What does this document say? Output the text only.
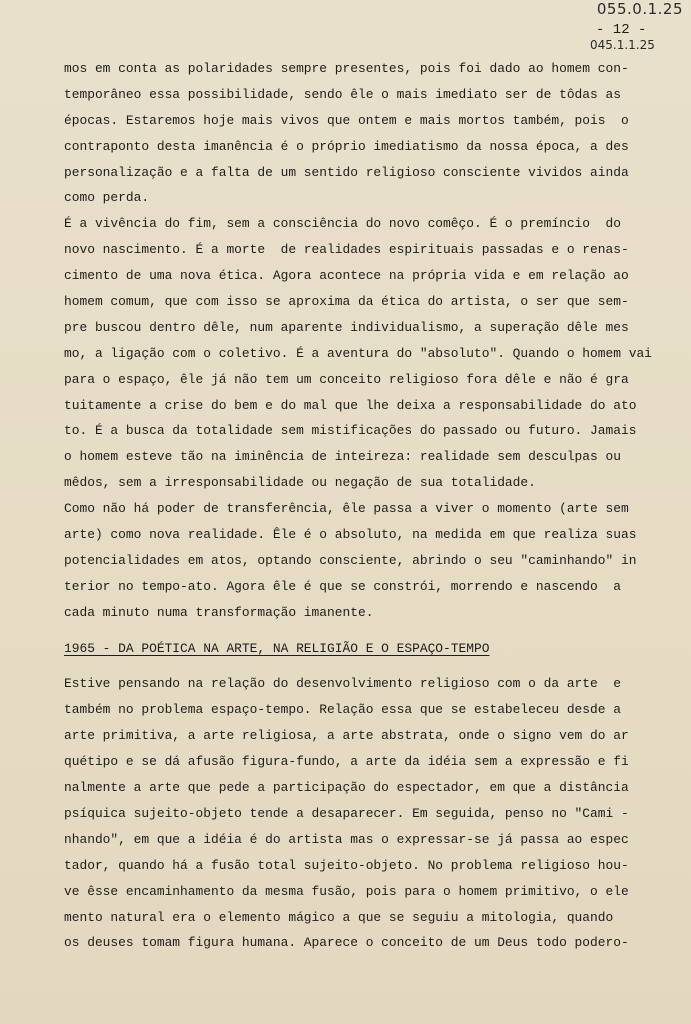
055.0.1.25
- 12 -
045.1.1.25
mos em conta as polaridades sempre presentes, pois foi dado ao homem con-
temporâneo essa possibilidade, sendo êle o mais imediato ser de tôdas as
épocas. Estaremos hoje mais vivos que ontem e mais mortos também, pois  o
contraponto desta imanência é o próprio imediatismo da nossa época, a des
personalização e a falta de um sentido religioso consciente vividos ainda
como perda.
É a vivência do fim, sem a consciência do novo comêço. É o premíncio  do
novo nascimento. É a morte  de realidades espirituais passadas e o renas-
cimento de uma nova ética. Agora acontece na própria vida e em relação ao
homem comum, que com isso se aproxima da ética do artista, o ser que sem-
pre buscou dentro dêle, num aparente individualismo, a superação dêle mes
mo, a ligação com o coletivo. É a aventura do "absoluto". Quando o homem vai
para o espaço, êle já não tem um conceito religioso fora dêle e não é gra
tuitamente a crise do bem e do mal que lhe deixa a responsabilidade do ato
to. É a busca da totalidade sem mistificações do passado ou futuro. Jamais
o homem esteve tão na iminência de inteireza: realidade sem desculpas ou
mêdos, sem a irresponsabilidade ou negação de sua totalidade.
Como não há poder de transferência, êle passa a viver o momento (arte sem
arte) como nova realidade. Êle é o absoluto, na medida em que realiza suas
potencialidades em atos, optando consciente, abrindo o seu "caminhando" in
terior no tempo-ato. Agora êle é que se constrói, morrendo e nascendo  a
cada minuto numa transformação imanente.
1965 - DA POÉTICA NA ARTE, NA RELIGIÃO E O ESPAÇO-TEMPO
Estive pensando na relação do desenvolvimento religioso com o da arte  e
também no problema espaço-tempo. Relação essa que se estabeleceu desde a
arte primitiva, a arte religiosa, a arte abstrata, onde o signo vem do ar
quétipo e se dá afusão figura-fundo, a arte da idéia sem a expressão e fi
nalmente a arte que pede a participação do espectador, em que a distância
psíquica sujeito-objeto tende a desaparecer. Em seguida, penso no "Cami -
nhando", em que a idéia é do artista mas o expressar-se já passa ao espec
tador, quando há a fusão total sujeito-objeto. No problema religioso hou-
ve êsse encaminhamento da mesma fusão, pois para o homem primitivo, o ele
mento natural era o elemento mágico a que se seguiu a mitologia, quando
os deuses tomam figura humana. Aparece o conceito de um Deus todo podero-
